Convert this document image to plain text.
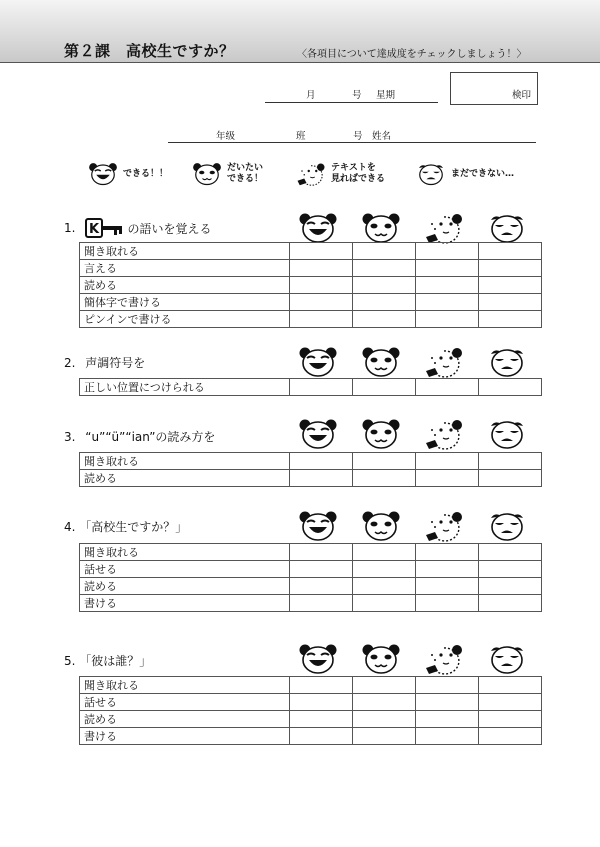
第２課　高校生ですか？	〈各項目について達成度をチェックしましょう！〉
月	号 星期	検印
年级	班	号 姓名
できる！！
だいたい
できる！
テキストを
見ればできる
まだできない…
1.	の語いを覚える
聞き取れる				
言える				
読める				
簡体字で書ける				
ピンインで書ける				
2. 声調符号を
正しい位置につけられる				
3. “u”“ü”“ian”の読み方を
聞き取れる				
読める				
4. 「高校生ですか？」
聞き取れる				
話せる				
読める				
書ける				
5. 「彼は誰？」
聞き取れる				
話せる				
読める				
書ける				
